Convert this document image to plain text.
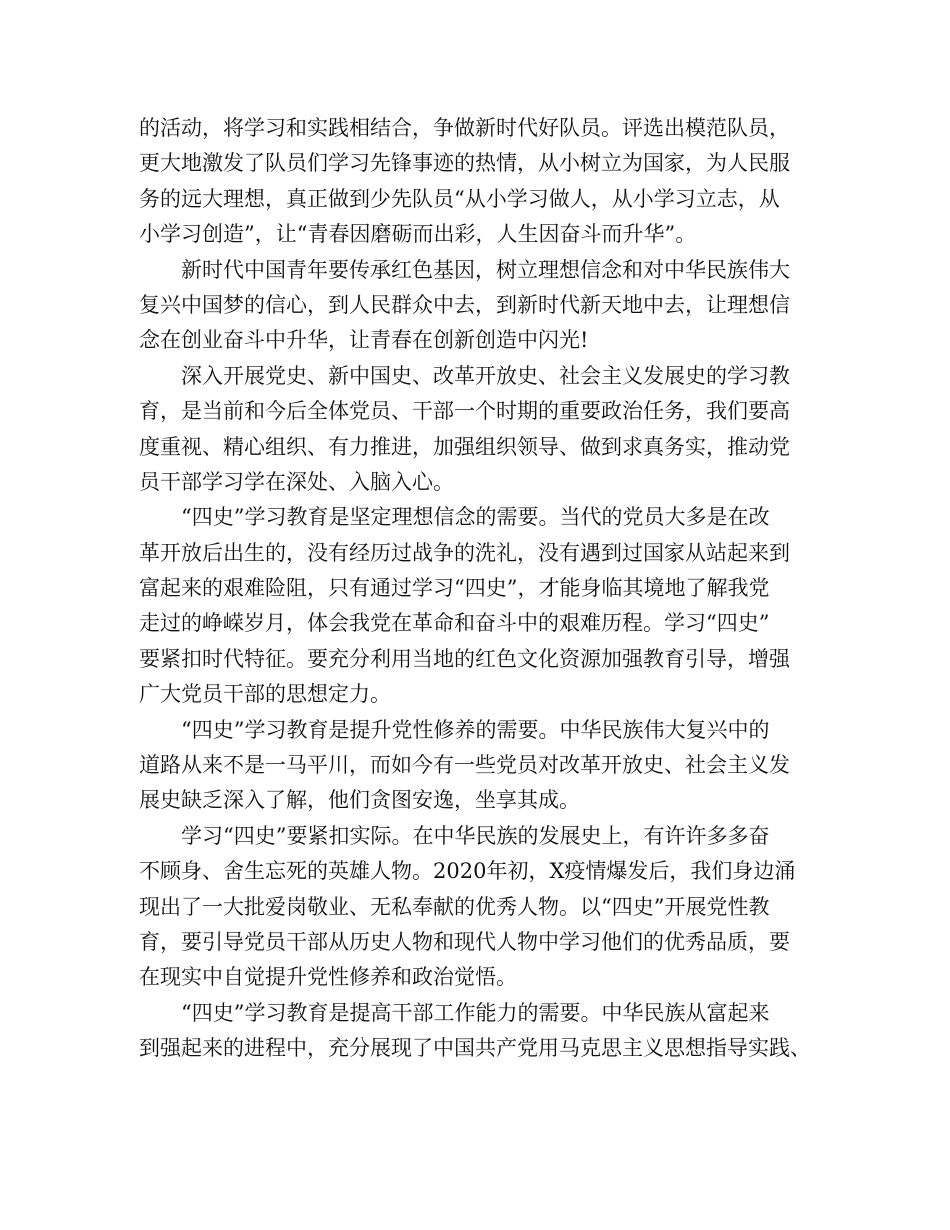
的活动，将学习和实践相结合，争做新时代好队员。评选出模范队员，
更大地激发了队员们学习先锋事迹的热情，从小树立为国家，为人民服
务的远大理想，真正做到少先队员“从小学习做人，从小学习立志，从
小学习创造”，让“青春因磨砺而出彩，人生因奋斗而升华”。
新时代中国青年要传承红色基因，树立理想信念和对中华民族伟大
复兴中国梦的信心，到人民群众中去，到新时代新天地中去，让理想信
念在创业奋斗中升华，让青春在创新创造中闪光!
深入开展党史、新中国史、改革开放史、社会主义发展史的学习教
育，是当前和今后全体党员、干部一个时期的重要政治任务，我们要高
度重视、精心组织、有力推进，加强组织领导、做到求真务实，推动党
员干部学习学在深处、入脑入心。
“四史”学习教育是坚定理想信念的需要。当代的党员大多是在改
革开放后出生的，没有经历过战争的洗礼，没有遇到过国家从站起来到
富起来的艰难险阻，只有通过学习“四史”，才能身临其境地了解我党
走过的峥嵘岁月，体会我党在革命和奋斗中的艰难历程。学习“四史”
要紧扣时代特征。要充分利用当地的红色文化资源加强教育引导，增强
广大党员干部的思想定力。
“四史”学习教育是提升党性修养的需要。中华民族伟大复兴中的
道路从来不是一马平川，而如今有一些党员对改革开放史、社会主义发
展史缺乏深入了解，他们贪图安逸，坐享其成。
学习“四史”要紧扣实际。在中华民族的发展史上，有许许多多奋
不顾身、舍生忘死的英雄人物。2020年初，X疫情爆发后，我们身边涌
现出了一大批爱岗敬业、无私奉献的优秀人物。以“四史”开展党性教
育，要引导党员干部从历史人物和现代人物中学习他们的优秀品质，要
在现实中自觉提升党性修养和政治觉悟。
“四史”学习教育是提高干部工作能力的需要。中华民族从富起来
到强起来的进程中，充分展现了中国共产党用马克思主义思想指导实践、
